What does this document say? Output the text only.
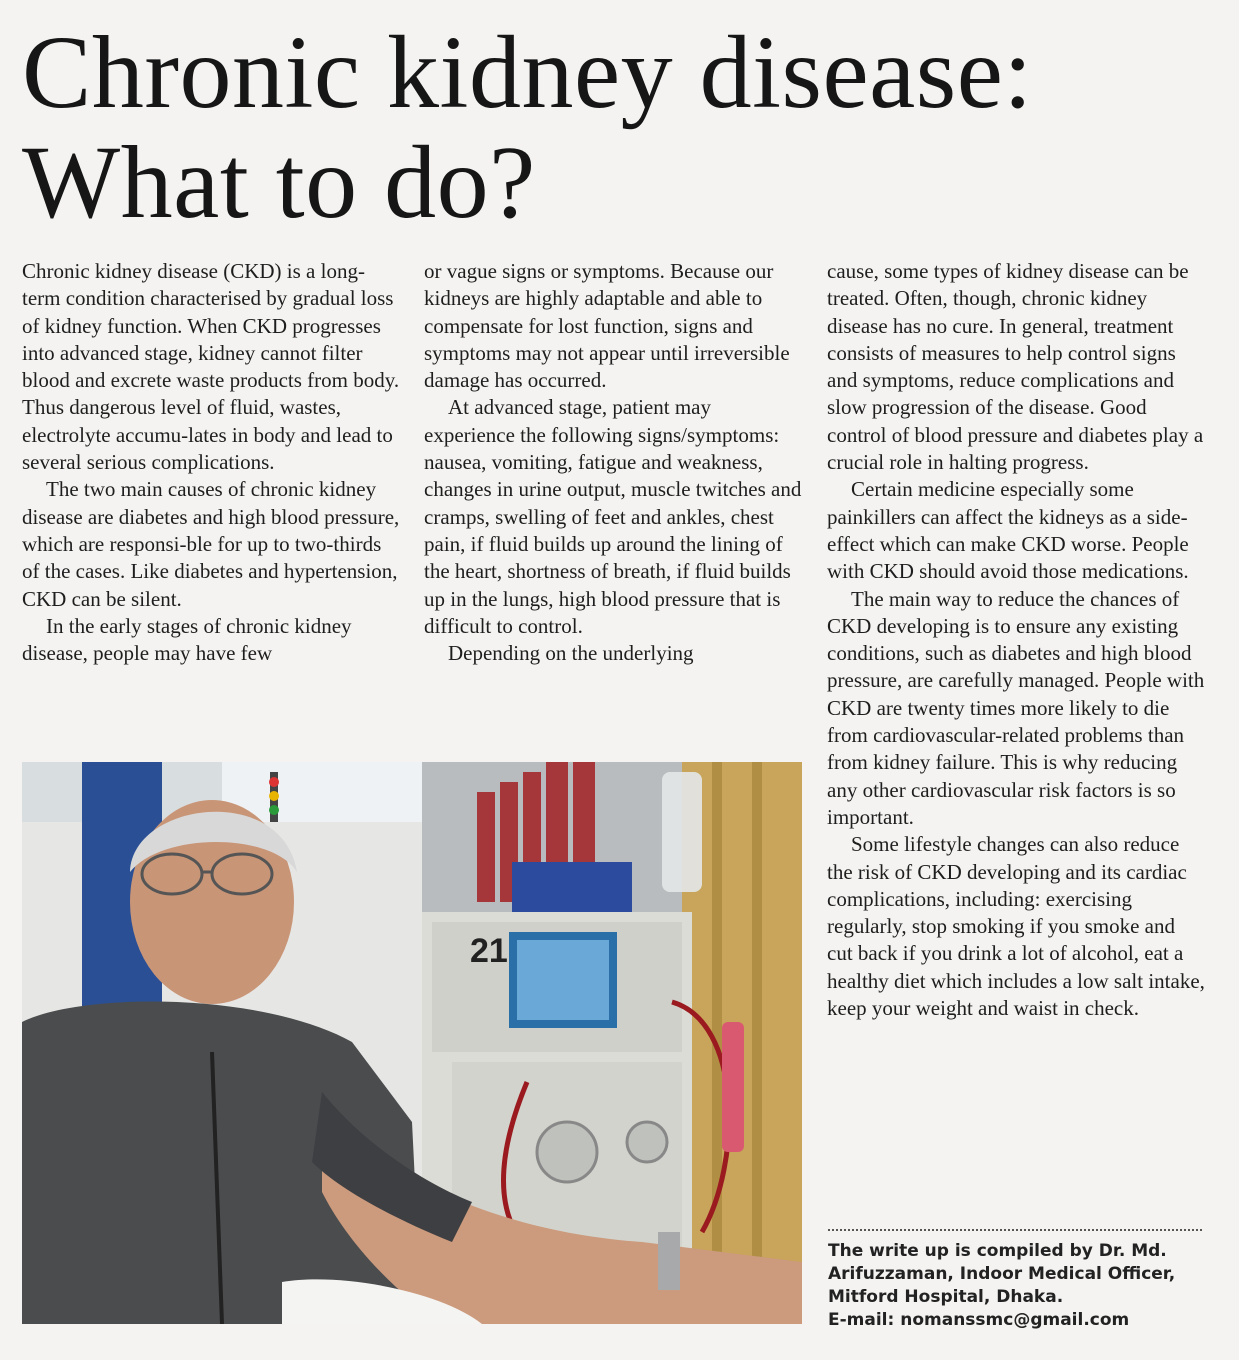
Chronic kidney disease:
What to do?

Chronic kidney disease (CKD) is a long-term condition characterised by gradual loss of kidney function. When CKD progresses into advanced stage, kidney cannot filter blood and excrete waste products from body. Thus dangerous level of fluid, wastes, electrolyte accumu-lates in body and lead to several serious complications.

The two main causes of chronic kidney disease are diabetes and high blood pressure, which are responsi-ble for up to two-thirds of the cases. Like diabetes and hypertension, CKD can be silent.

In the early stages of chronic kidney disease, people may have few

or vague signs or symptoms. Because our kidneys are highly adaptable and able to compensate for lost function, signs and symptoms may not appear until irreversible damage has occurred.

At advanced stage, patient may experience the following signs/symptoms: nausea, vomiting, fatigue and weakness, changes in urine output, muscle twitches and cramps, swelling of feet and ankles, chest pain, if fluid builds up around the lining of the heart, shortness of breath, if fluid builds up in the lungs, high blood pressure that is difficult to control.

Depending on the underlying

cause, some types of kidney disease can be treated. Often, though, chronic kidney disease has no cure. In general, treatment consists of measures to help control signs and symptoms, reduce complications and slow progression of the disease. Good control of blood pressure and diabetes play a crucial role in halting progress.

Certain medicine especially some painkillers can affect the kidneys as a side-effect which can make CKD worse. People with CKD should avoid those medications.

The main way to reduce the chances of CKD developing is to ensure any existing conditions, such as diabetes and high blood pressure, are carefully managed. People with CKD are twenty times more likely to die from cardiovascular-related problems than from kidney failure. This is why reducing any other cardiovascular risk factors is so important.

Some lifestyle changes can also reduce the risk of CKD developing and its cardiac complications, including: exercising regularly, stop smoking if you smoke and cut back if you drink a lot of alcohol, eat a healthy diet which includes a low salt intake, keep your weight and waist in check.

21
The write up is compiled by Dr. Md.
Arifuzzaman, Indoor Medical Officer,
Mitford Hospital, Dhaka.
E-mail: nomanssmc@gmail.com
